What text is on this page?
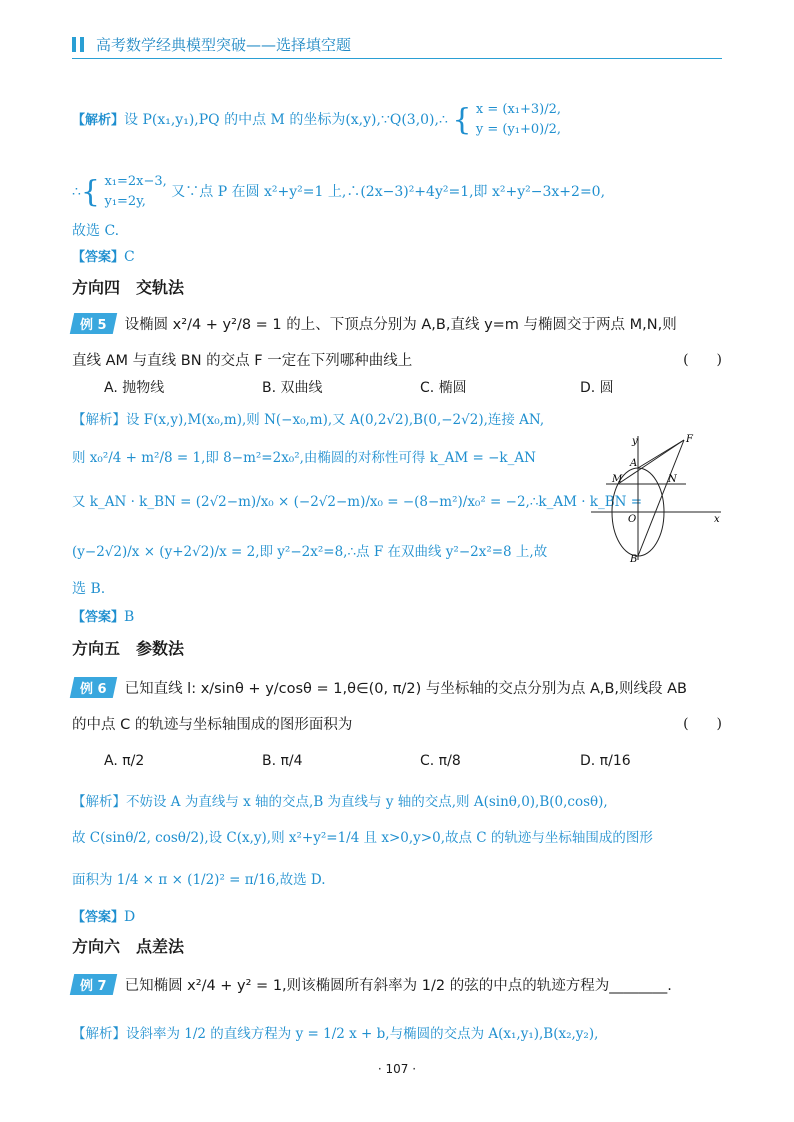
高考数学经典模型突破——选择填空题
【解析】设 P(x₁,y₁),PQ 的中点 M 的坐标为(x,y),∵Q(3,0),∴ { x = (x₁+3)/2,
y = (y₁+0)/2,
∴{ x₁=2x−3,
y₁=2y, 又∵点 P 在圆 x²+y²=1 上,∴(2x−3)²+4y²=1,即 x²+y²−3x+2=0,
故选 C.
【答案】C
方向四　交轨法
例 5 设椭圆 x²/4 + y²/8 = 1 的上、下顶点分别为 A,B,直线 y=m 与椭圆交于两点 M,N,则
直线 AM 与直线 BN 的交点 F 一定在下列哪种曲线上	(　　)
A. 抛物线	B. 双曲线	C. 椭圆	D. 圆
【解析】设 F(x,y),M(x₀,m),则 N(−x₀,m),又 A(0,2√2),B(0,−2√2),连接 AN,
则 x₀²/4 + m²/8 = 1,即 8−m²=2x₀²,由椭圆的对称性可得 k_AM = −k_AN
又 k_AN · k_BN = (2√2−m)/x₀ × (−2√2−m)/x₀ = −(8−m²)/x₀² = −2,∴k_AM · k_BN =
(y−2√2)/x × (y+2√2)/x = 2,即 y²−2x²=8,∴点 F 在双曲线 y²−2x²=8 上,故
选 B.
【答案】B
F
y
A
M	N
O	x
B
方向五　参数法
例 6 已知直线 l: x/sinθ + y/cosθ = 1,θ∈(0, π/2) 与坐标轴的交点分别为点 A,B,则线段 AB
的中点 C 的轨迹与坐标轴围成的图形面积为	(　　)
A. π/2	B. π/4	C. π/8	D. π/16
【解析】不妨设 A 为直线与 x 轴的交点,B 为直线与 y 轴的交点,则 A(sinθ,0),B(0,cosθ),
故 C(sinθ/2, cosθ/2),设 C(x,y),则 x²+y²=1/4 且 x>0,y>0,故点 C 的轨迹与坐标轴围成的图形
面积为 1/4 × π × (1/2)² = π/16,故选 D.
【答案】D
方向六　点差法
例 7 已知椭圆 x²/4 + y² = 1,则该椭圆所有斜率为 1/2 的弦的中点的轨迹方程为________.
【解析】设斜率为 1/2 的直线方程为 y = 1/2 x + b,与椭圆的交点为 A(x₁,y₁),B(x₂,y₂),
· 107 ·
